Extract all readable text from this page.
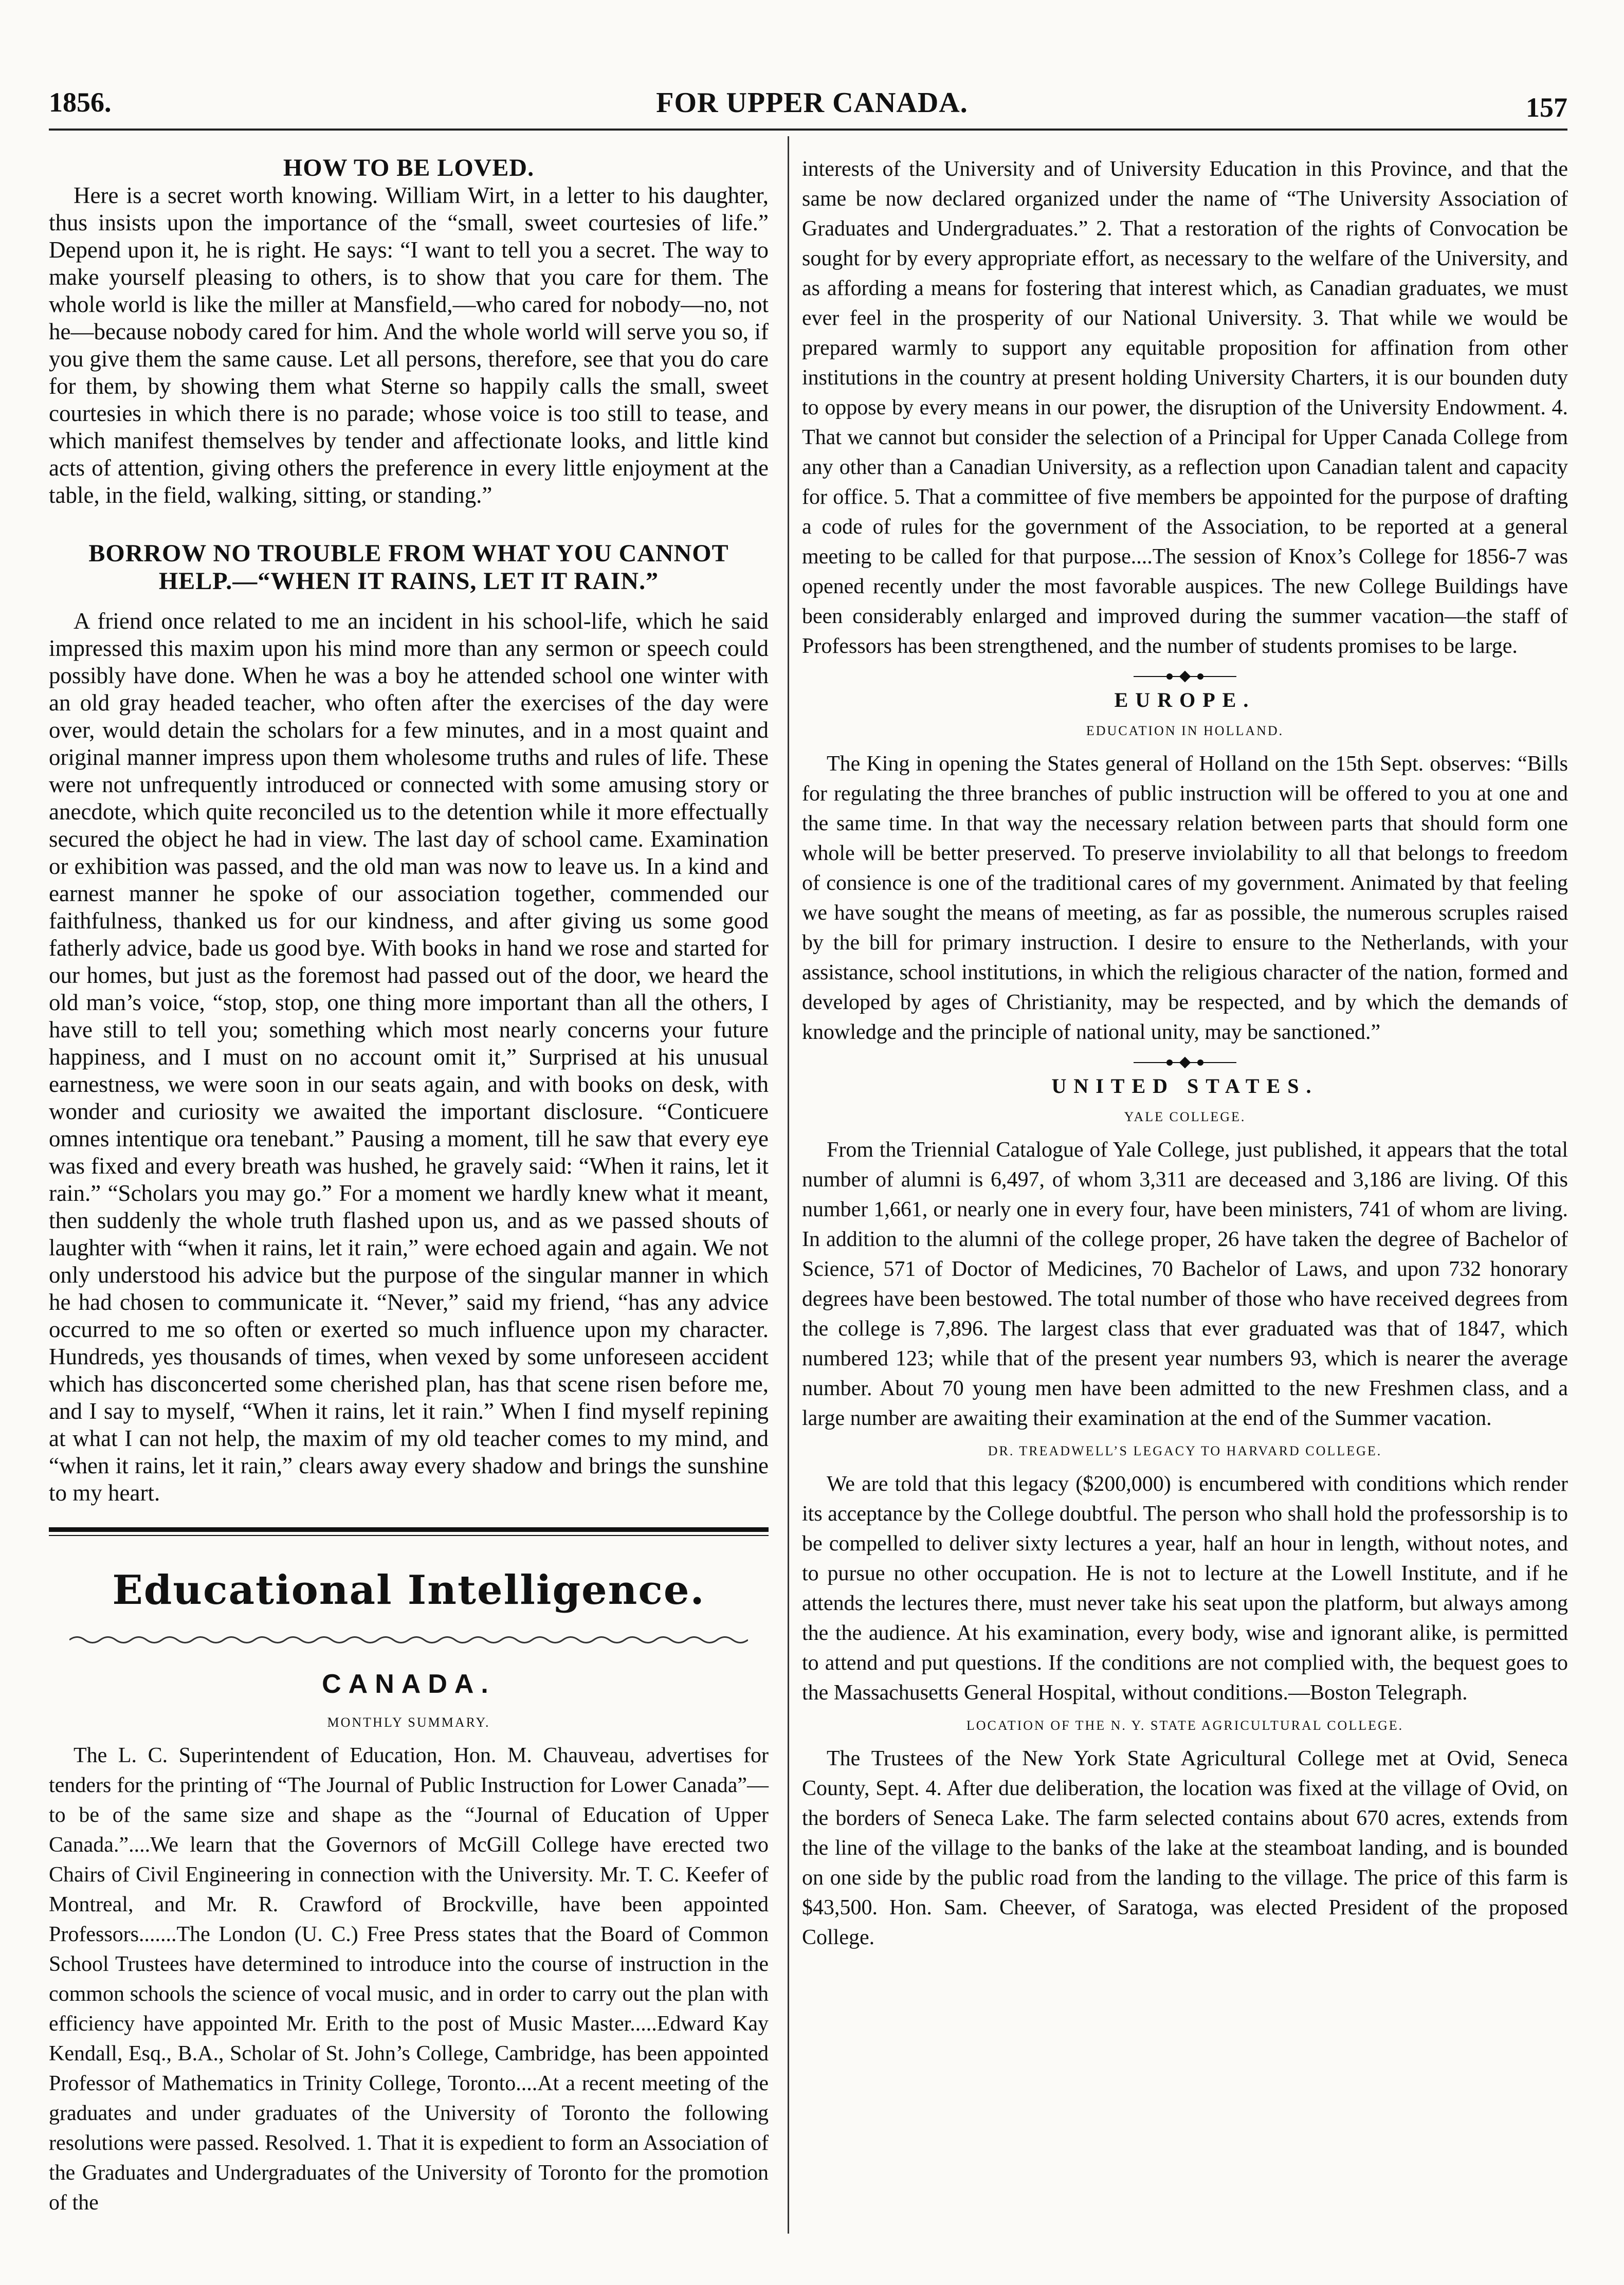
1856.	FOR UPPER CANADA.	157
HOW TO BE LOVED.

Here is a secret worth knowing. William Wirt, in a letter to his daughter, thus insists upon the importance of the “small, sweet courtesies of life.” Depend upon it, he is right. He says: “I want to tell you a secret. The way to make yourself pleasing to others, is to show that you care for them. The whole world is like the miller at Mansfield,—who cared for nobody—no, not he—because nobody cared for him. And the whole world will serve you so, if you give them the same cause. Let all persons, therefore, see that you do care for them, by showing them what Sterne so happily calls the small, sweet courtesies in which there is no parade; whose voice is too still to tease, and which manifest themselves by tender and affectionate looks, and little kind acts of attention, giving others the preference in every little enjoyment at the table, in the field, walking, sitting, or standing.”

BORROW NO TROUBLE FROM WHAT YOU CANNOT HELP.—“WHEN IT RAINS, LET IT RAIN.”

A friend once related to me an incident in his school-life, which he said impressed this maxim upon his mind more than any sermon or speech could possibly have done. When he was a boy he attended school one winter with an old gray headed teacher, who often after the exercises of the day were over, would detain the scholars for a few minutes, and in a most quaint and original manner impress upon them wholesome truths and rules of life. These were not unfrequently introduced or connected with some amusing story or anecdote, which quite reconciled us to the detention while it more effectually secured the object he had in view. The last day of school came. Examination or exhibition was passed, and the old man was now to leave us. In a kind and earnest manner he spoke of our association together, commended our faithfulness, thanked us for our kindness, and after giving us some good fatherly advice, bade us good bye. With books in hand we rose and started for our homes, but just as the foremost had passed out of the door, we heard the old man’s voice, “stop, stop, one thing more important than all the others, I have still to tell you; something which most nearly concerns your future happiness, and I must on no account omit it,” Surprised at his unusual earnestness, we were soon in our seats again, and with books on desk, with wonder and curiosity we awaited the important disclosure. “Conticuere omnes intentique ora tenebant.” Pausing a moment, till he saw that every eye was fixed and every breath was hushed, he gravely said: “When it rains, let it rain.” “Scholars you may go.” For a moment we hardly knew what it meant, then suddenly the whole truth flashed upon us, and as we passed shouts of laughter with “when it rains, let it rain,” were echoed again and again. We not only understood his advice but the purpose of the singular manner in which he had chosen to communicate it. “Never,” said my friend, “has any advice occurred to me so often or exerted so much influence upon my character. Hundreds, yes thousands of times, when vexed by some unforeseen accident which has disconcerted some cherished plan, has that scene risen before me, and I say to myself, “When it rains, let it rain.” When I find myself repining at what I can not help, the maxim of my old teacher comes to my mind, and “when it rains, let it rain,” clears away every shadow and brings the sunshine to my heart.

Educational Intelligence.
CANADA.
MONTHLY SUMMARY.

The L. C. Superintendent of Education, Hon. M. Chauveau, advertises for tenders for the printing of “The Journal of Public Instruction for Lower Canada”—to be of the same size and shape as the “Journal of Education of Upper Canada.”....We learn that the Governors of McGill College have erected two Chairs of Civil Engineering in connection with the University. Mr. T. C. Keefer of Montreal, and Mr. R. Crawford of Brockville, have been appointed Professors.......The London (U. C.) Free Press states that the Board of Common School Trustees have determined to introduce into the course of instruction in the common schools the science of vocal music, and in order to carry out the plan with efficiency have appointed Mr. Erith to the post of Music Master.....Edward Kay Kendall, Esq., B.A., Scholar of St. John’s College, Cambridge, has been appointed Professor of Mathematics in Trinity College, Toronto....At a recent meeting of the graduates and under graduates of the University of Toronto the following resolutions were passed. Resolved. 1. That it is expedient to form an Association of the Graduates and Undergraduates of the University of Toronto for the promotion of the

interests of the University and of University Education in this Province, and that the same be now declared organized under the name of “The University Association of Graduates and Undergraduates.” 2. That a restoration of the rights of Convocation be sought for by every appropriate effort, as necessary to the welfare of the University, and as affording a means for fostering that interest which, as Canadian graduates, we must ever feel in the prosperity of our National University. 3. That while we would be prepared warmly to support any equitable proposition for affination from other institutions in the country at present holding University Charters, it is our bounden duty to oppose by every means in our power, the disruption of the University Endowment. 4. That we cannot but consider the selection of a Principal for Upper Canada College from any other than a Canadian University, as a reflection upon Canadian talent and capacity for office. 5. That a committee of five members be appointed for the purpose of drafting a code of rules for the government of the Association, to be reported at a general meeting to be called for that purpose....The session of Knox’s College for 1856-7 was opened recently under the most favorable auspices. The new College Buildings have been considerably enlarged and improved during the summer vacation—the staff of Professors has been strengthened, and the number of students promises to be large.

EUROPE.
EDUCATION IN HOLLAND.

The King in opening the States general of Holland on the 15th Sept. observes: “Bills for regulating the three branches of public instruction will be offered to you at one and the same time. In that way the necessary relation between parts that should form one whole will be better preserved. To preserve inviolability to all that belongs to freedom of consience is one of the traditional cares of my government. Animated by that feeling we have sought the means of meeting, as far as possible, the numerous scruples raised by the bill for primary instruction. I desire to ensure to the Netherlands, with your assistance, school institutions, in which the religious character of the nation, formed and developed by ages of Christianity, may be respected, and by which the demands of knowledge and the principle of national unity, may be sanctioned.”

UNITED STATES.
YALE COLLEGE.

From the Triennial Catalogue of Yale College, just published, it appears that the total number of alumni is 6,497, of whom 3,311 are deceased and 3,186 are living. Of this number 1,661, or nearly one in every four, have been ministers, 741 of whom are living. In addition to the alumni of the college proper, 26 have taken the degree of Bachelor of Science, 571 of Doctor of Medicines, 70 Bachelor of Laws, and upon 732 honorary degrees have been bestowed. The total number of those who have received degrees from the college is 7,896. The largest class that ever graduated was that of 1847, which numbered 123; while that of the present year numbers 93, which is nearer the average number. About 70 young men have been admitted to the new Freshmen class, and a large number are awaiting their examination at the end of the Summer vacation.

DR. TREADWELL’S LEGACY TO HARVARD COLLEGE.

We are told that this legacy ($200,000) is encumbered with conditions which render its acceptance by the College doubtful. The person who shall hold the professorship is to be compelled to deliver sixty lectures a year, half an hour in length, without notes, and to pursue no other occupation. He is not to lecture at the Lowell Institute, and if he attends the lectures there, must never take his seat upon the platform, but always among the the audience. At his examination, every body, wise and ignorant alike, is permitted to attend and put questions. If the conditions are not complied with, the bequest goes to the Massachusetts General Hospital, without conditions.—Boston Telegraph.

LOCATION OF THE N. Y. STATE AGRICULTURAL COLLEGE.

The Trustees of the New York State Agricultural College met at Ovid, Seneca County, Sept. 4. After due deliberation, the location was fixed at the village of Ovid, on the borders of Seneca Lake. The farm selected contains about 670 acres, extends from the line of the village to the banks of the lake at the steamboat landing, and is bounded on one side by the public road from the landing to the village. The price of this farm is $43,500. Hon. Sam. Cheever, of Saratoga, was elected President of the proposed College.
